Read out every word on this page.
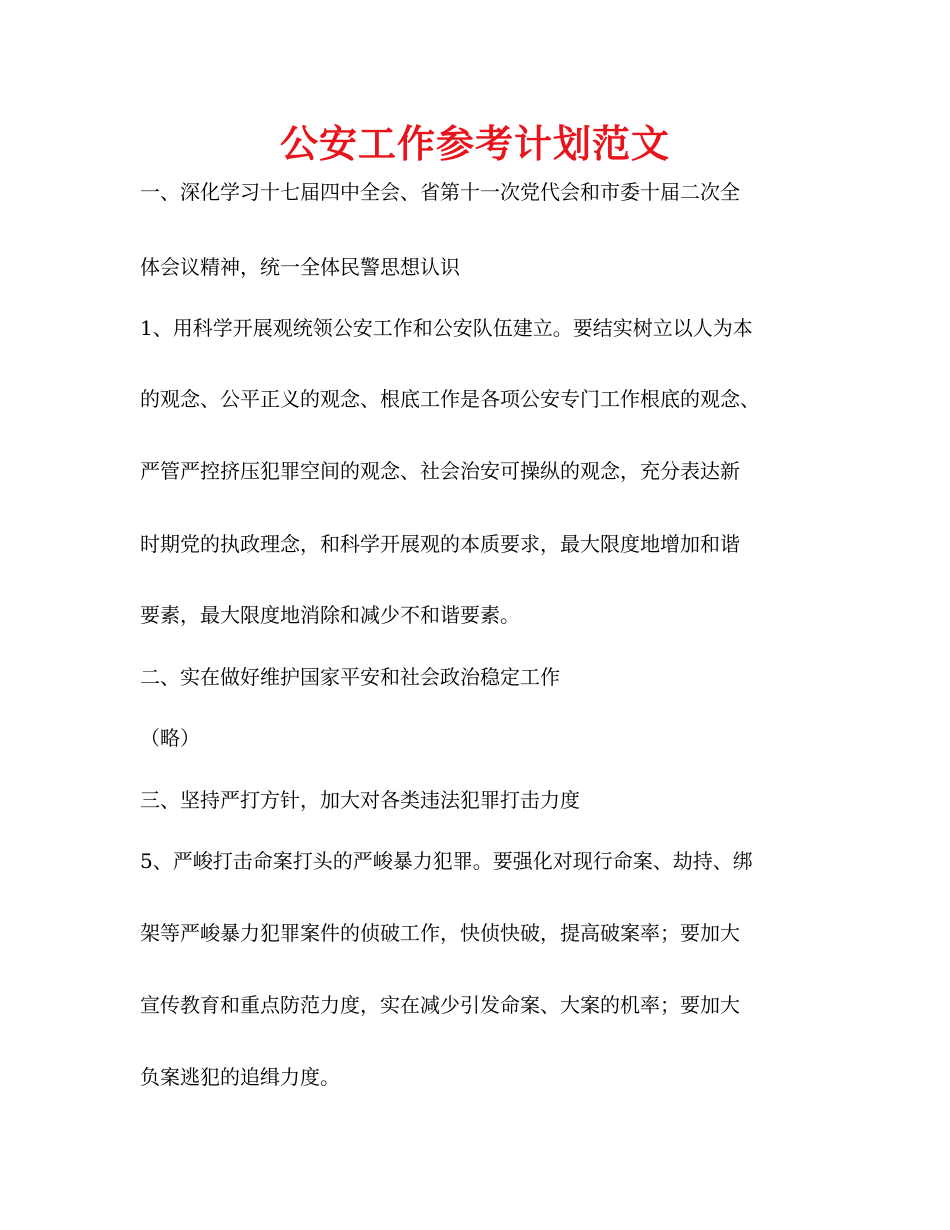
公安工作参考计划范文
一、深化学习十七届四中全会、省第十一次党代会和市委十届二次全
体会议精神，统一全体民警思想认识
1、用科学开展观统领公安工作和公安队伍建立。要结实树立以人为本
的观念、公平正义的观念、根底工作是各项公安专门工作根底的观念、
严管严控挤压犯罪空间的观念、社会治安可操纵的观念，充分表达新
时期党的执政理念，和科学开展观的本质要求，最大限度地增加和谐
要素，最大限度地消除和减少不和谐要素。
二、实在做好维护国家平安和社会政治稳定工作
（略）
三、坚持严打方针，加大对各类违法犯罪打击力度
5、严峻打击命案打头的严峻暴力犯罪。要强化对现行命案、劫持、绑
架等严峻暴力犯罪案件的侦破工作，快侦快破，提高破案率；要加大
宣传教育和重点防范力度，实在减少引发命案、大案的机率；要加大
负案逃犯的追缉力度。
